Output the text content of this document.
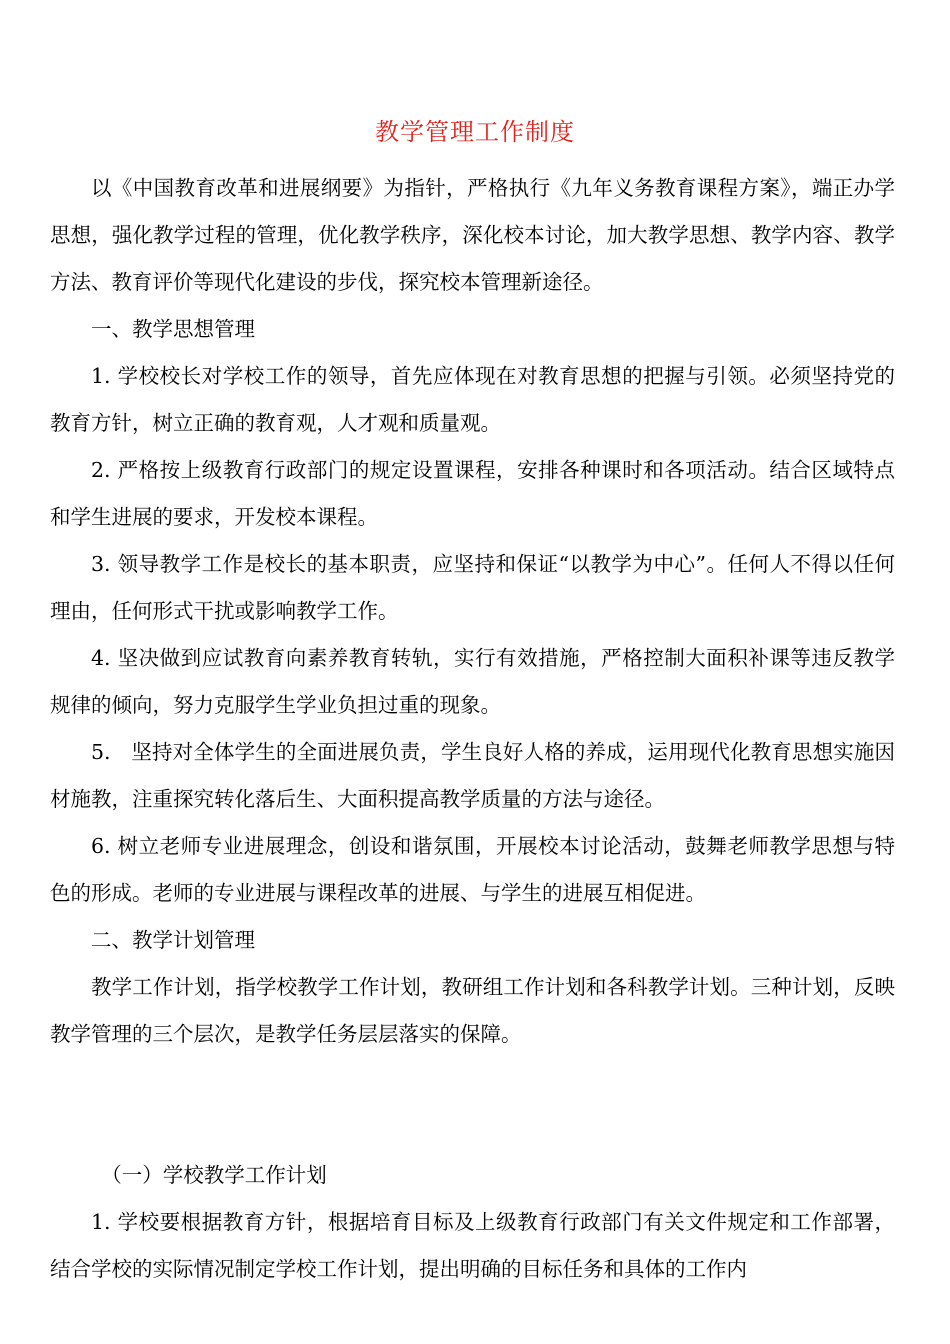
教学管理工作制度

以《中国教育改革和进展纲要》为指针，严格执行《九年义务教育课程方案》，端正办学思想，强化教学过程的管理，优化教学秩序，深化校本讨论，加大教学思想、教学内容、教学方法、教育评价等现代化建设的步伐，探究校本管理新途径。

一、教学思想管理

1. 学校校长对学校工作的领导，首先应体现在对教育思想的把握与引领。必须坚持党的教育方针，树立正确的教育观，人才观和质量观。

2. 严格按上级教育行政部门的规定设置课程，安排各种课时和各项活动。结合区域特点和学生进展的要求，开发校本课程。

3. 领导教学工作是校长的基本职责，应坚持和保证“以教学为中心”。任何人不得以任何理由，任何形式干扰或影响教学工作。

4. 坚决做到应试教育向素养教育转轨，实行有效措施，严格控制大面积补课等违反教学规律的倾向，努力克服学生学业负担过重的现象。

5.　坚持对全体学生的全面进展负责，学生良好人格的养成，运用现代化教育思想实施因材施教，注重探究转化落后生、大面积提高教学质量的方法与途径。

6. 树立老师专业进展理念，创设和谐氛围，开展校本讨论活动，鼓舞老师教学思想与特色的形成。老师的专业进展与课程改革的进展、与学生的进展互相促进。

二、教学计划管理

教学工作计划，指学校教学工作计划，教研组工作计划和各科教学计划。三种计划，反映教学管理的三个层次，是教学任务层层落实的保障。

（一）学校教学工作计划

1. 学校要根据教育方针，根据培育目标及上级教育行政部门有关文件规定和工作部署，结合学校的实际情况制定学校工作计划，提出明确的目标任务和具体的工作内
